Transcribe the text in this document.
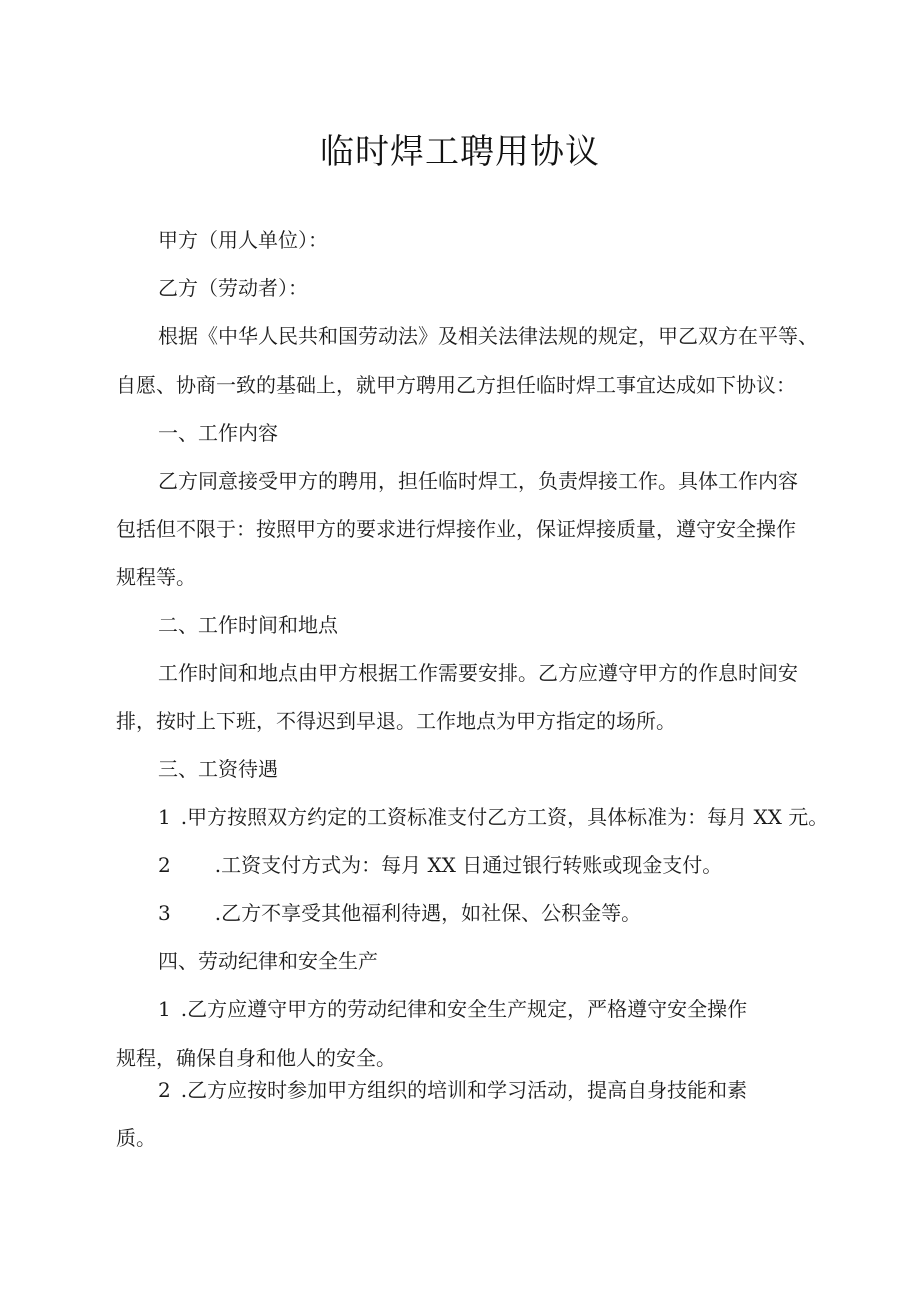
临时焊工聘用协议
甲方（用人单位）：
乙方（劳动者）：
根据《中华人民共和国劳动法》及相关法律法规的规定，甲乙双方在平等、
自愿、协商一致的基础上，就甲方聘用乙方担任临时焊工事宜达成如下协议：
一、工作内容
乙方同意接受甲方的聘用，担任临时焊工，负责焊接工作。具体工作内容
包括但不限于：按照甲方的要求进行焊接作业，保证焊接质量，遵守安全操作
规程等。
二、工作时间和地点
工作时间和地点由甲方根据工作需要安排。乙方应遵守甲方的作息时间安
排，按时上下班，不得迟到早退。工作地点为甲方指定的场所。
三、工资待遇
1 .甲方按照双方约定的工资标准支付乙方工资，具体标准为：每月 XX 元。
2 .工资支付方式为：每月 XX 日通过银行转账或现金支付。
3 .乙方不享受其他福利待遇，如社保、公积金等。
四、劳动纪律和安全生产
1 .乙方应遵守甲方的劳动纪律和安全生产规定，严格遵守安全操作
规程，确保自身和他人的安全。
2 .乙方应按时参加甲方组织的培训和学习活动，提高自身技能和素
质。
